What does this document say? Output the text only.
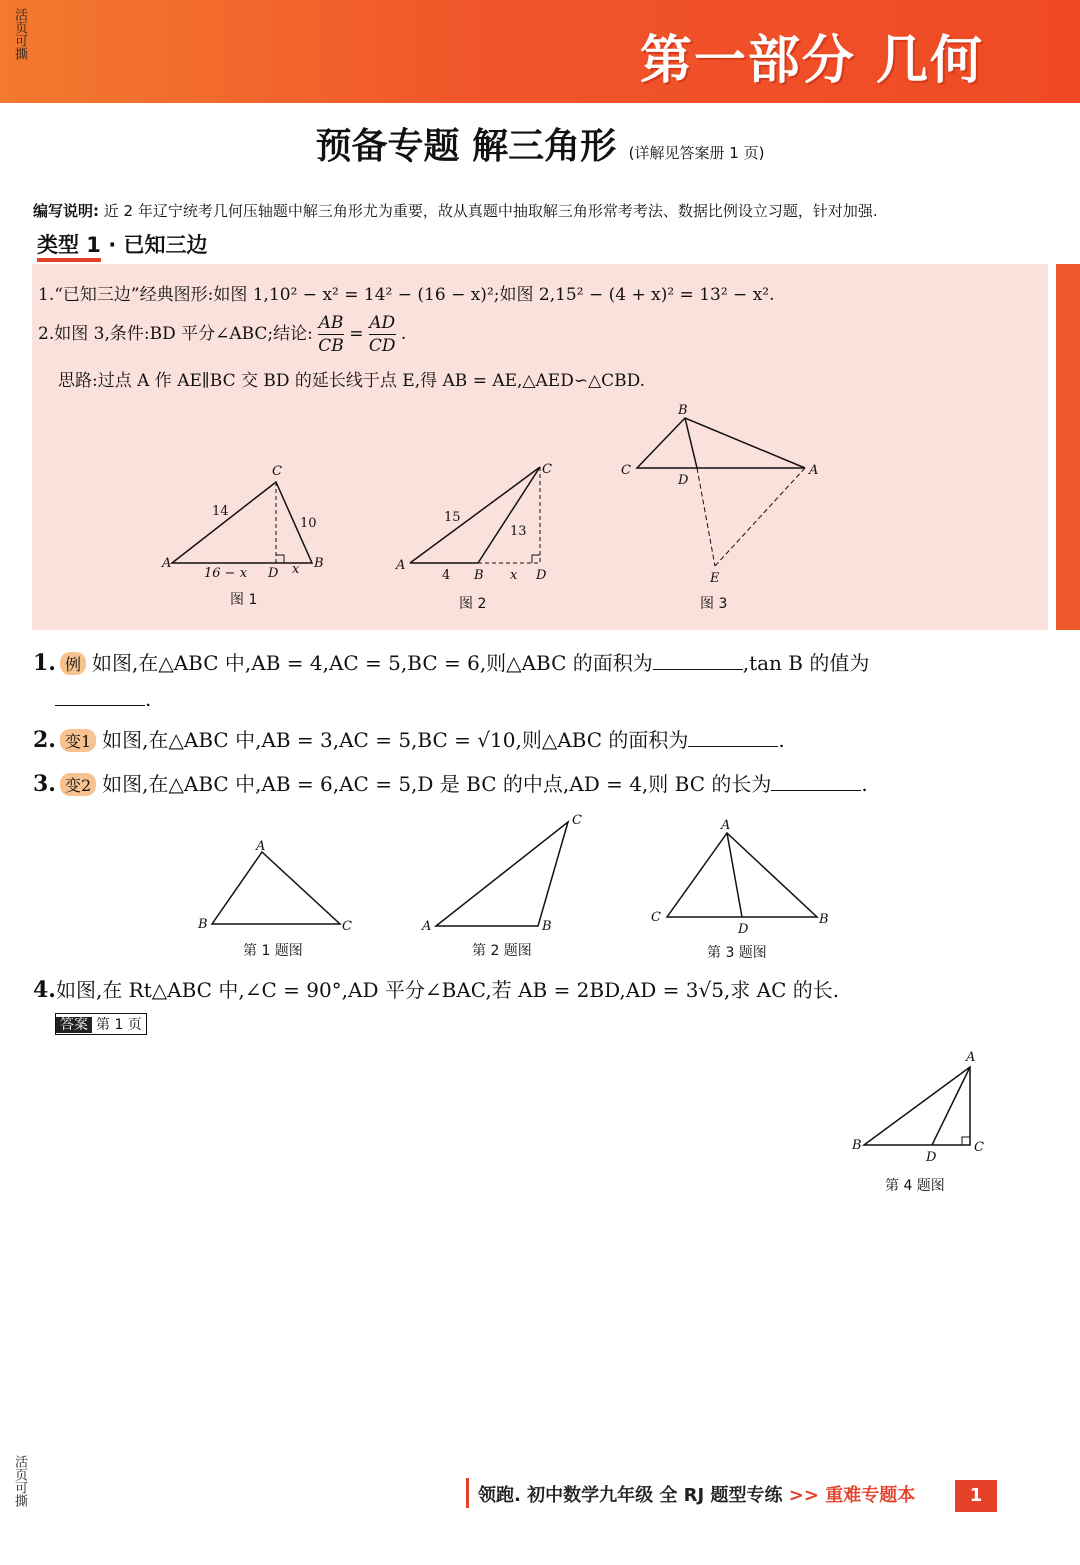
第一部分 几何
活页可撕
活页可撕
预备专题 解三角形 (详解见答案册 1 页)
编写说明: 近 2 年辽宁统考几何压轴题中解三角形尤为重要，故从真题中抽取解三角形常考考法、数据比例设立习题，针对加强.
类型 1 · 已知三边
1.“已知三边”经典图形:如图 1,10² − x² = 14² − (16 − x)²;如图 2,15² − (4 + x)² = 13² − x².
2.如图 3,条件:BD 平分∠ABC;结论: $\frac{AB}{CB} = \frac{AD}{CD}$ .
思路:过点 A 作 AE∥BC 交 BD 的延长线于点 E,得 AB = AE,△AED∽△CBD.
A
C
B
D
14
10
16 − x	x
图 1
A
B
C
D
15
13
4	x
图 2
B
C	A
D
E
图 3
1. 例 如图,在△ABC 中,AB = 4,AC = 5,BC = 6,则△ABC 的面积为	,tan B 的值为
.
2. 变1 如图,在△ABC 中,AB = 3,AC = 5,BC = √10,则△ABC 的面积为	.
3. 变2 如图,在△ABC 中,AB = 6,AC = 5,D 是 BC 的中点,AD = 4,则 BC 的长为	.
A
B	C
第 1 题图
A	B
C
第 2 题图
A
C	B
D
第 3 题图
4.如图,在 Rt△ABC 中,∠C = 90°,AD 平分∠BAC,若 AB = 2BD,AD = 3√5,求 AC 的长.
答案 第 1 页
A
B	C
D
第 4 题图
领跑. 初中数学九年级 全 RJ 题型专练 >> 重难专题本	1
